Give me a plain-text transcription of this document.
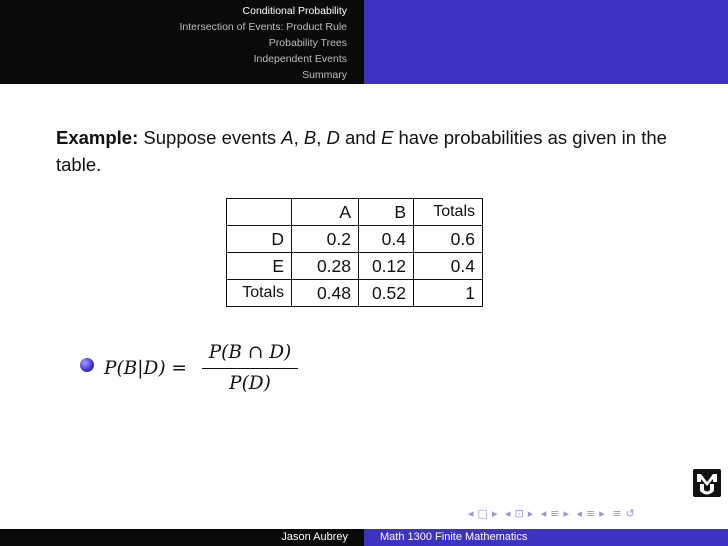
Conditional Probability
Intersection of Events: Product Rule
Probability Trees
Independent Events
Summary
Example: Suppose events A, B, D and E have probabilities as given in the table.
	A	B	Totals
D	0.2	0.4	0.6
E	0.28	0.12	0.4
Totals	0.48	0.52	1
P(B|D) =
P(B ∩ D)
P(D)
◂ □ ▸ ◂ ⊡ ▸ ◂ ≡ ▸ ◂ ≡ ▸ ≡ ↺
Jason Aubrey	Math 1300 Finite Mathematics
